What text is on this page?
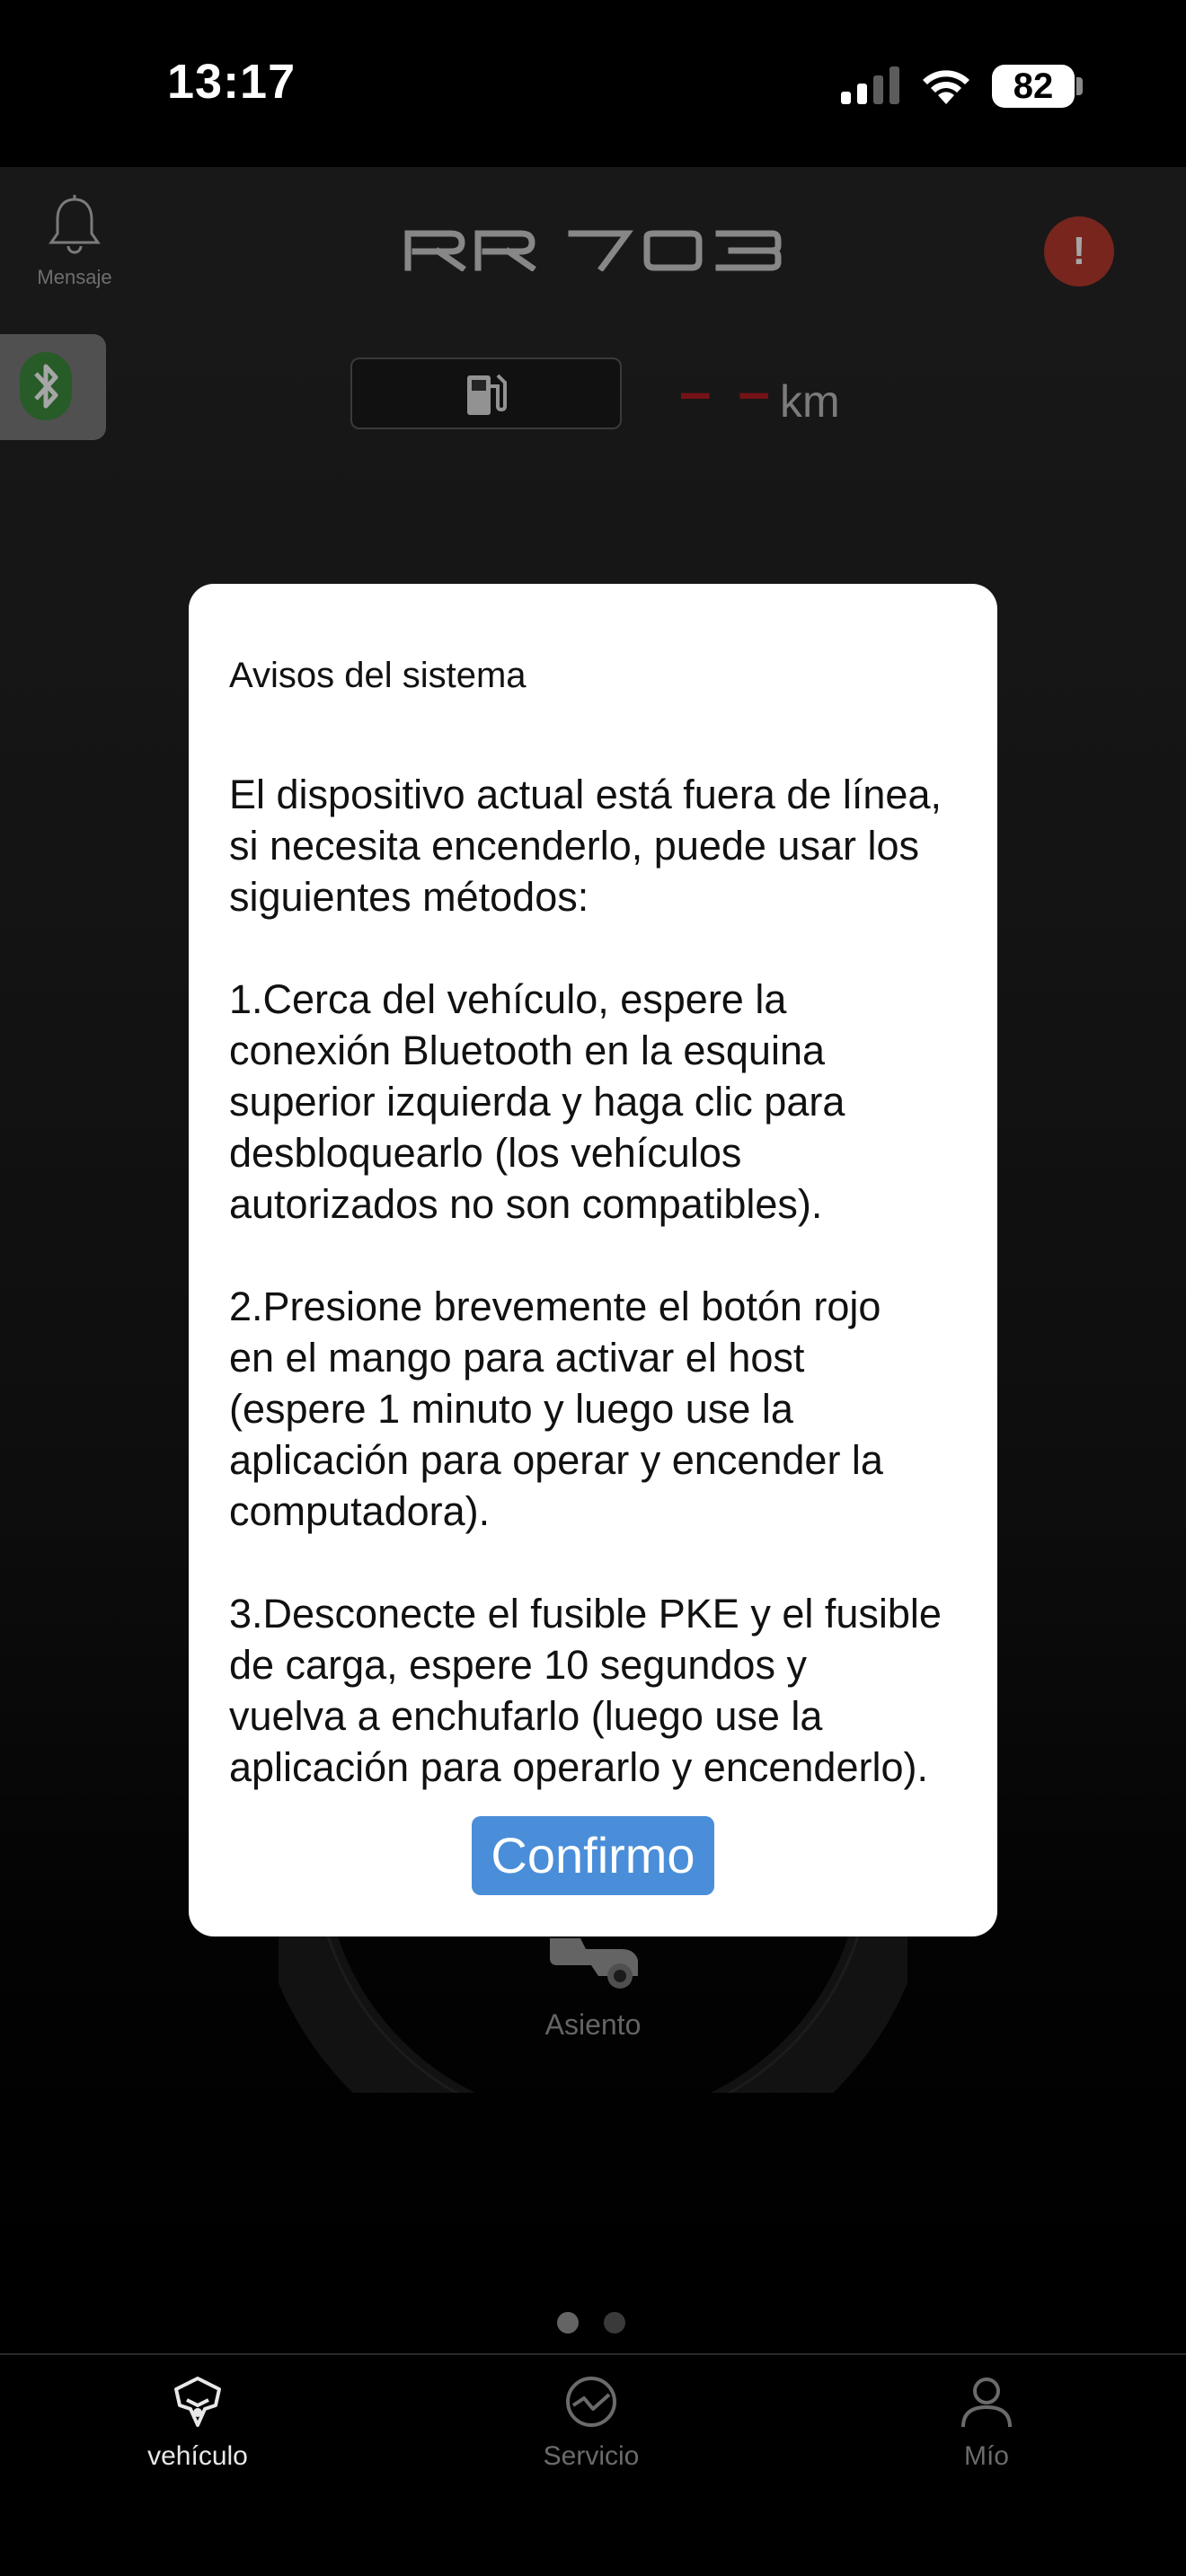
13:17	82
Mensaje
!
– – km
Asiento
Avisos del sistema

El dispositivo actual está fuera de línea,
si necesita encenderlo, puede usar los
siguientes métodos:

1.Cerca del vehículo, espere la
conexión Bluetooth en la esquina
superior izquierda y haga clic para
desbloquearlo (los vehículos
autorizados no son compatibles).

2.Presione brevemente el botón rojo
en el mango para activar el host
(espere 1 minuto y luego use la
aplicación para operar y encender la
computadora).

3.Desconecte el fusible PKE y el fusible
de carga, espere 10 segundos y
vuelva a enchufarlo (luego use la
aplicación para operarlo y encenderlo).

Confirmo
vehículo	Servicio	Mío
